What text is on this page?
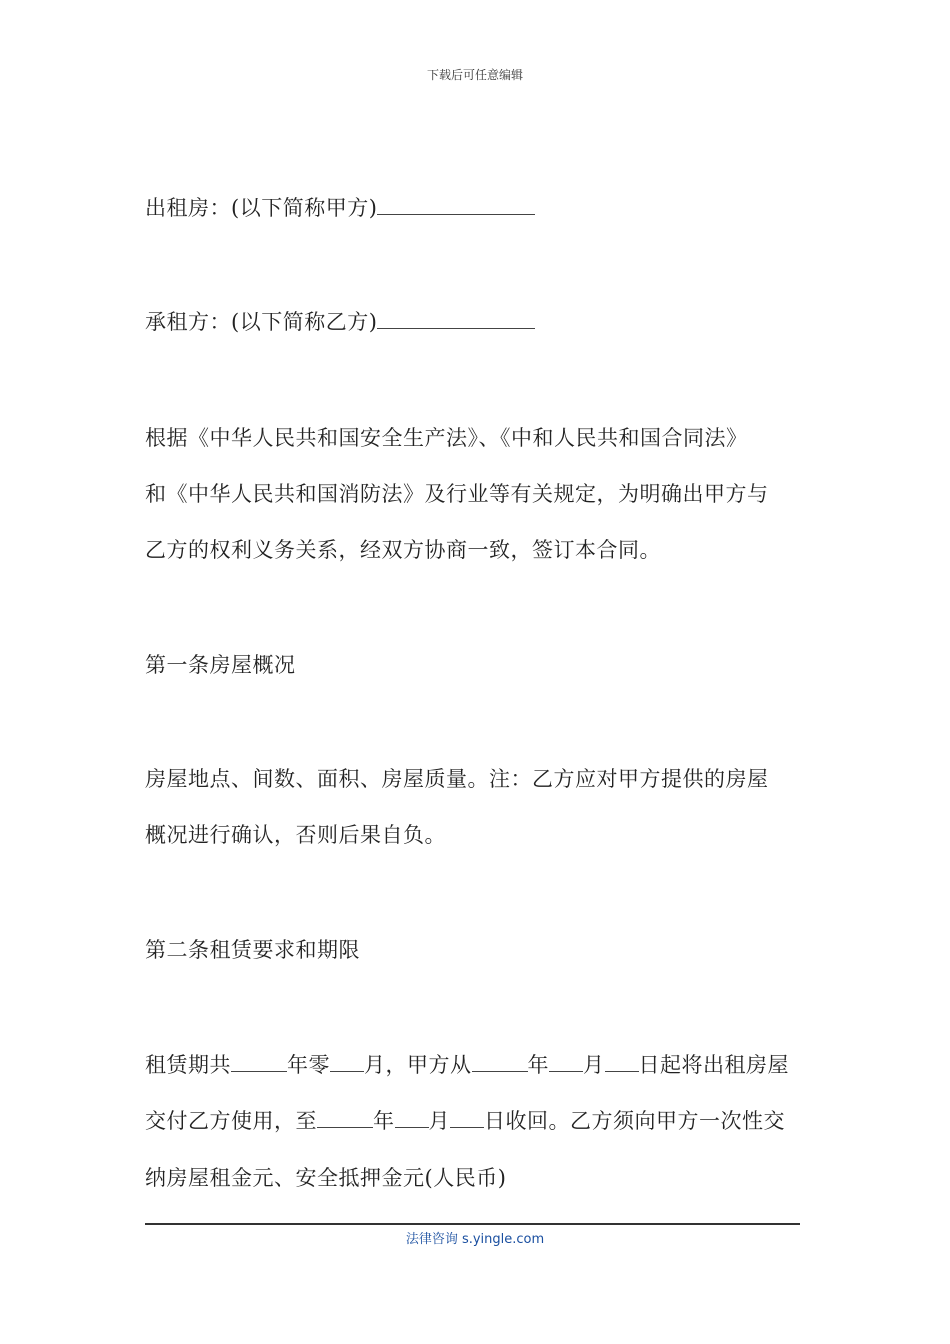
下载后可任意编辑
出租房：(以下简称甲方)
承租方：(以下简称乙方)
根据《中华人民共和国安全生产法》、《中和人民共和国合同法》
和《中华人民共和国消防法》及行业等有关规定，为明确出甲方与
乙方的权利义务关系，经双方协商一致，签订本合同。
第一条房屋概况
房屋地点、间数、面积、房屋质量。注：乙方应对甲方提供的房屋
概况进行确认，否则后果自负。
第二条租赁要求和期限
租赁期共	年零 月，甲方从	年 月 日起将出租房屋
交付乙方使用，至	年 月 日收回。乙方须向甲方一次性交
纳房屋租金元、安全抵押金元(人民币)
法律咨询 s.yingle.com
